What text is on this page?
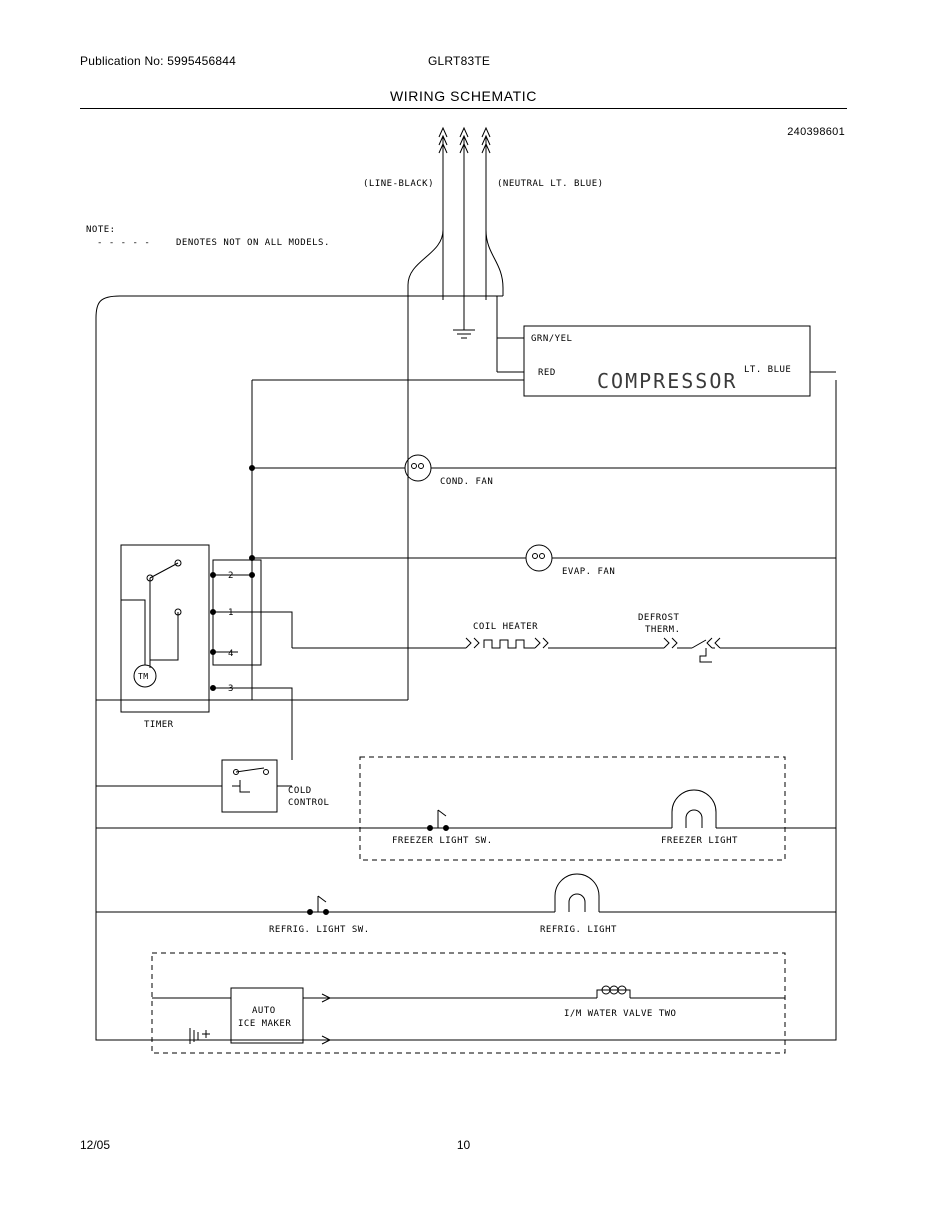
Publication No: 5995456844	GLRT83TE
WIRING SCHEMATIC
240398601
(LINE-BLACK)	(NEUTRAL LT. BLUE)
NOTE:
- - - - -	DENOTES NOT ON ALL MODELS.
GRN/YEL
RED	LT. BLUE
COMPRESSOR
COND. FAN
EVAP. FAN
COIL HEATER
DEFROST
THERM.
2
1
4
3
TM
TIMER
COLD
CONTROL
FREEZER LIGHT SW.	FREEZER LIGHT
REFRIG. LIGHT SW.	REFRIG. LIGHT
AUTO
ICE MAKER
I/M WATER VALVE TWO
12/05	10
